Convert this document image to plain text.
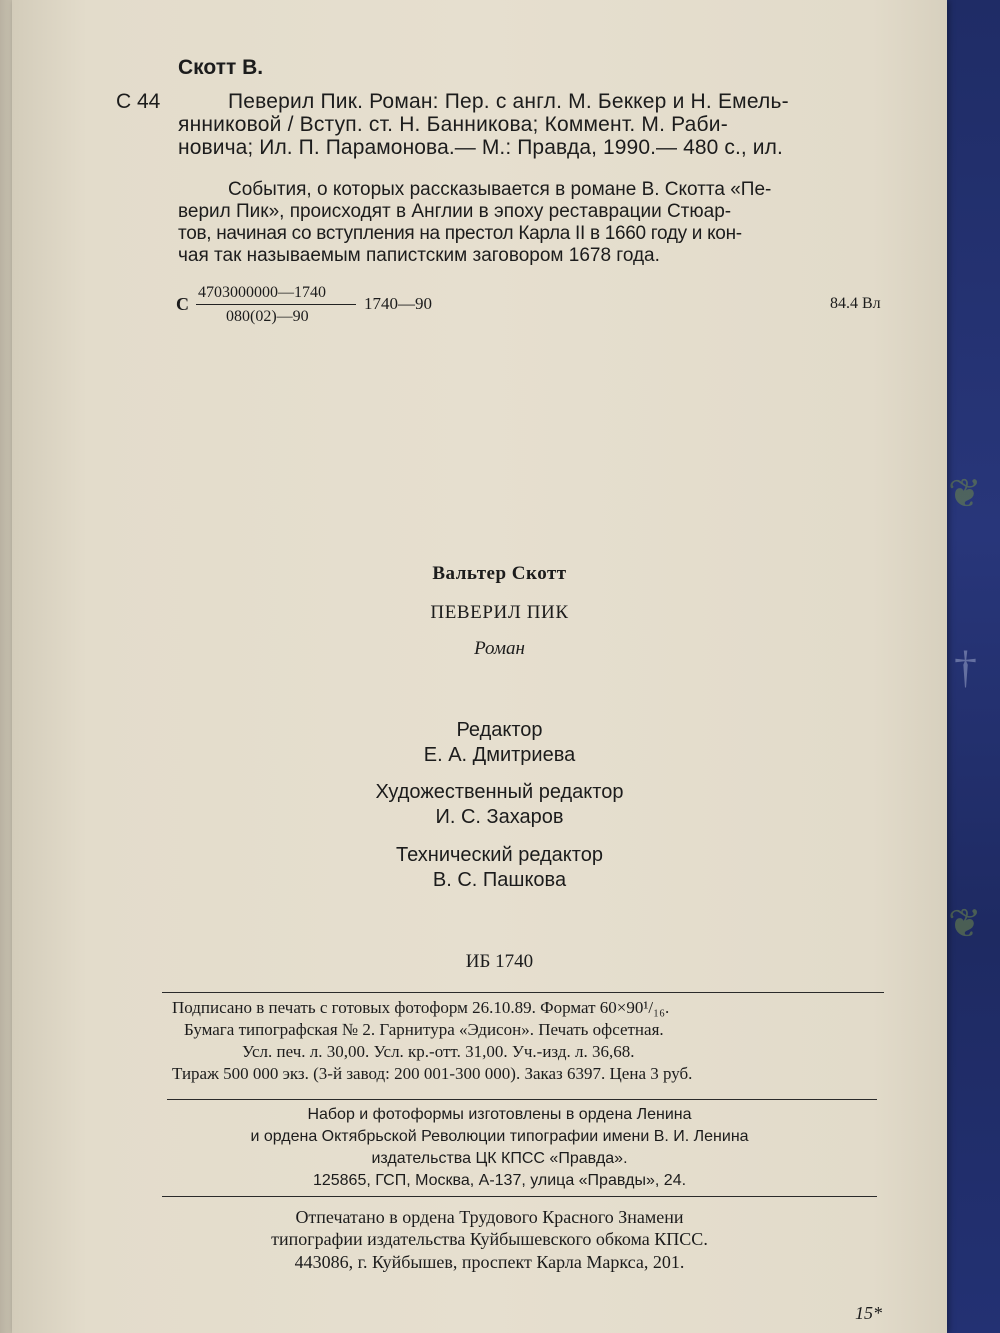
❦
†
❦
Скотт В.
С 44	Певерил Пик. Роман: Пер. с англ. М. Беккер и Н. Емель-
янниковой / Вступ. ст. Н. Банникова; Коммент. М. Раби-
новича; Ил. П. Парамонова.— М.: Правда, 1990.— 480 с., ил.
События, о которых рассказывается в романе В. Скотта «Пе-
верил Пик», происходят в Англии в эпоху реставрации Стюар-
тов, начиная со вступления на престол Карла II в 1660 году и кон-
чая так называемым папистским заговором 1678 года.
С
4703000000—1740
080(02)—90
1740—90	84.4 Вл
Вальтер Скотт
ПЕВЕРИЛ ПИК
Роман
Редактор
Е. А. Дмитриева
Художественный редактор
И. С. Захаров
Технический редактор
В. С. Пашкова
ИБ 1740
Подписано в печать с готовых фотоформ 26.10.89. Формат 60×90¹/₁₆.
Бумага типографская № 2. Гарнитура «Эдисон». Печать офсетная.
Усл. печ. л. 30,00. Усл. кр.-отт. 31,00. Уч.-изд. л. 36,68.
Тираж 500 000 экз. (3-й завод: 200 001-300 000). Заказ 6397. Цена 3 руб.
Набор и фотоформы изготовлены в ордена Ленина
и ордена Октябрьской Революции типографии имени В. И. Ленина
издательства ЦК КПСС «Правда».
125865, ГСП, Москва, А-137, улица «Правды», 24.
Отпечатано в ордена Трудового Красного Знамени
типографии издательства Куйбышевского обкома КПСС.
443086, г. Куйбышев, проспект Карла Маркса, 201.
15*
